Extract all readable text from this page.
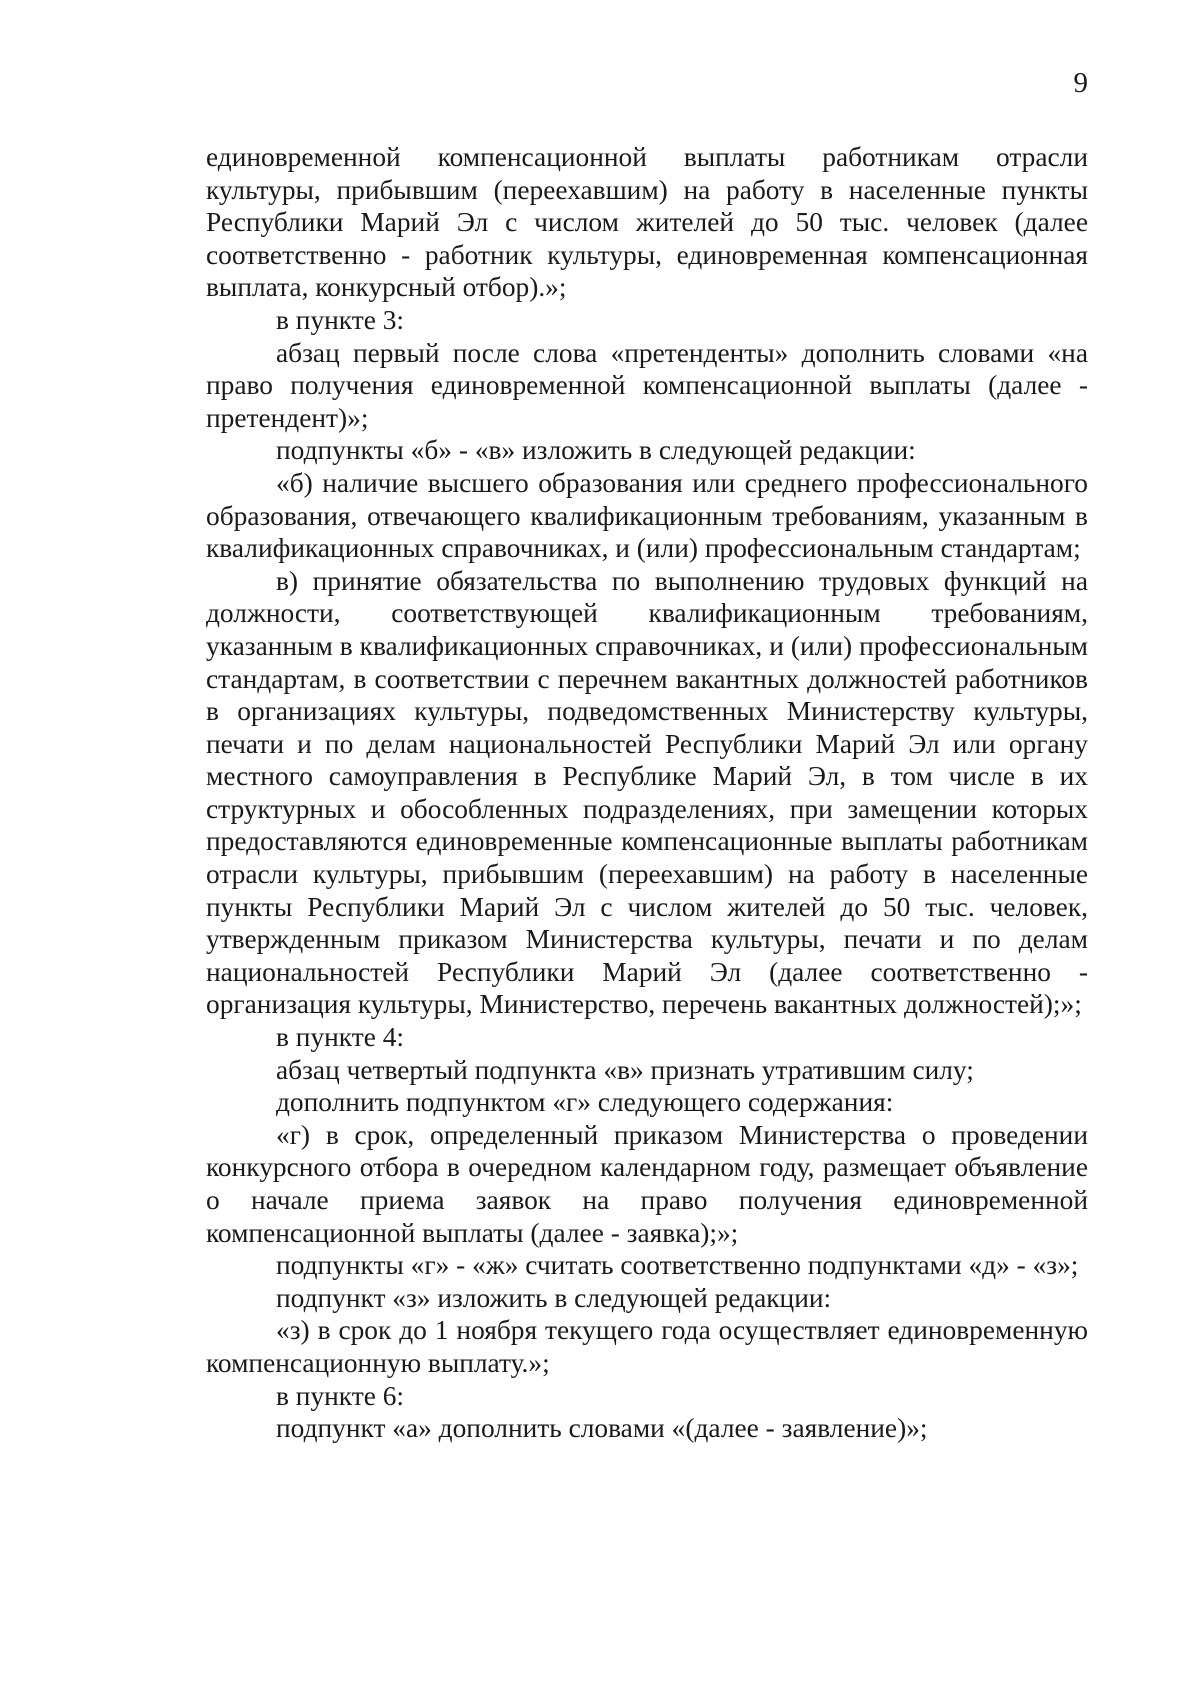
9

единовременной компенсационной выплаты работникам отрасли культуры, прибывшим (переехавшим) на работу в населенные пункты Республики Марий Эл с числом жителей до 50 тыс. человек (далее соответственно - работник культуры, единовременная компенсационная выплата, конкурсный отбор).»;

в пункте 3:

абзац первый после слова «претенденты» дополнить словами «на право получения единовременной компенсационной выплаты (далее - претендент)»;

подпункты «б» - «в» изложить в следующей редакции:

«б) наличие высшего образования или среднего профессионального образования, отвечающего квалификационным требованиям, указанным в квалификационных справочниках, и (или) профессиональным стандартам;

в) принятие обязательства по выполнению трудовых функций на должности, соответствующей квалификационным требованиям, указанным в квалификационных справочниках, и (или) профессиональным стандартам, в соответствии с перечнем вакантных должностей работников в организациях культуры, подведомственных Министерству культуры, печати и по делам национальностей Республики Марий Эл или органу местного самоуправления в Республике Марий Эл, в том числе в их структурных и обособленных подразделениях, при замещении которых предоставляются единовременные компенсационные выплаты работникам отрасли культуры, прибывшим (переехавшим) на работу в населенные пункты Республики Марий Эл с числом жителей до 50 тыс. человек, утвержденным приказом Министерства культуры, печати и по делам национальностей Республики Марий Эл (далее соответственно - организация культуры, Министерство, перечень вакантных должностей);»;

в пункте 4:

абзац четвертый подпункта «в» признать утратившим силу;

дополнить подпунктом «г» следующего содержания:

«г) в срок, определенный приказом Министерства о проведении конкурсного отбора в очередном календарном году, размещает объявление о начале приема заявок на право получения единовременной компенсационной выплаты (далее - заявка);»;

подпункты «г» - «ж» считать соответственно подпунктами «д» - «з»;

подпункт «з» изложить в следующей редакции:

«з) в срок до 1 ноября текущего года осуществляет единовременную компенсационную выплату.»;

в пункте 6:

подпункт «а» дополнить словами «(далее - заявление)»;
